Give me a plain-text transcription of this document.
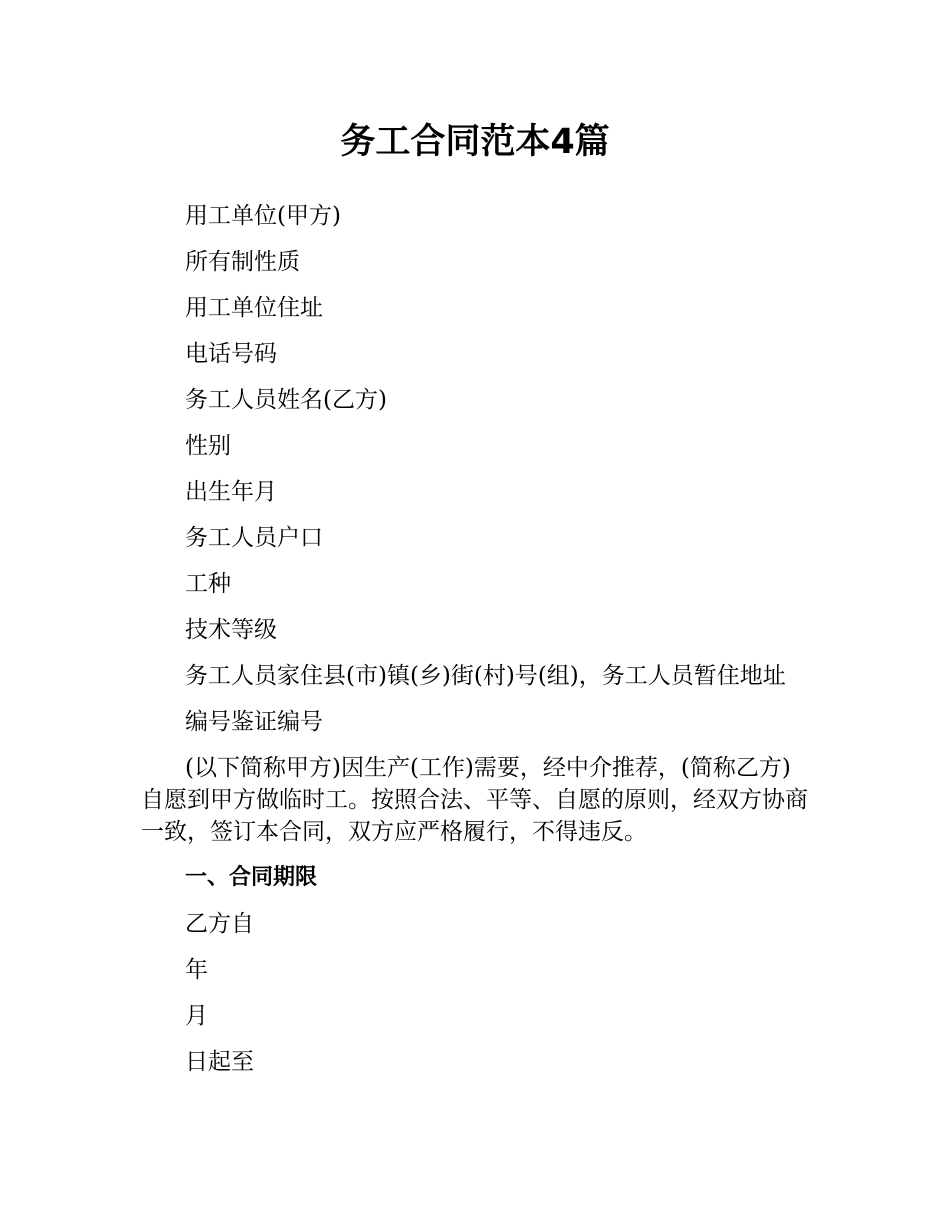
务工合同范本4篇

用工单位(甲方)

所有制性质

用工单位住址

电话号码

务工人员姓名(乙方)

性别

出生年月

务工人员户口

工种

技术等级

务工人员家住县(市)镇(乡)街(村)号(组)，务工人员暂住地址

编号鉴证编号

(以下简称甲方)因生产(工作)需要，经中介推荐，(简称乙方)自愿到甲方做临时工。按照合法、平等、自愿的原则，经双方协商一致，签订本合同，双方应严格履行，不得违反。

一、合同期限

乙方自

年

月

日起至
